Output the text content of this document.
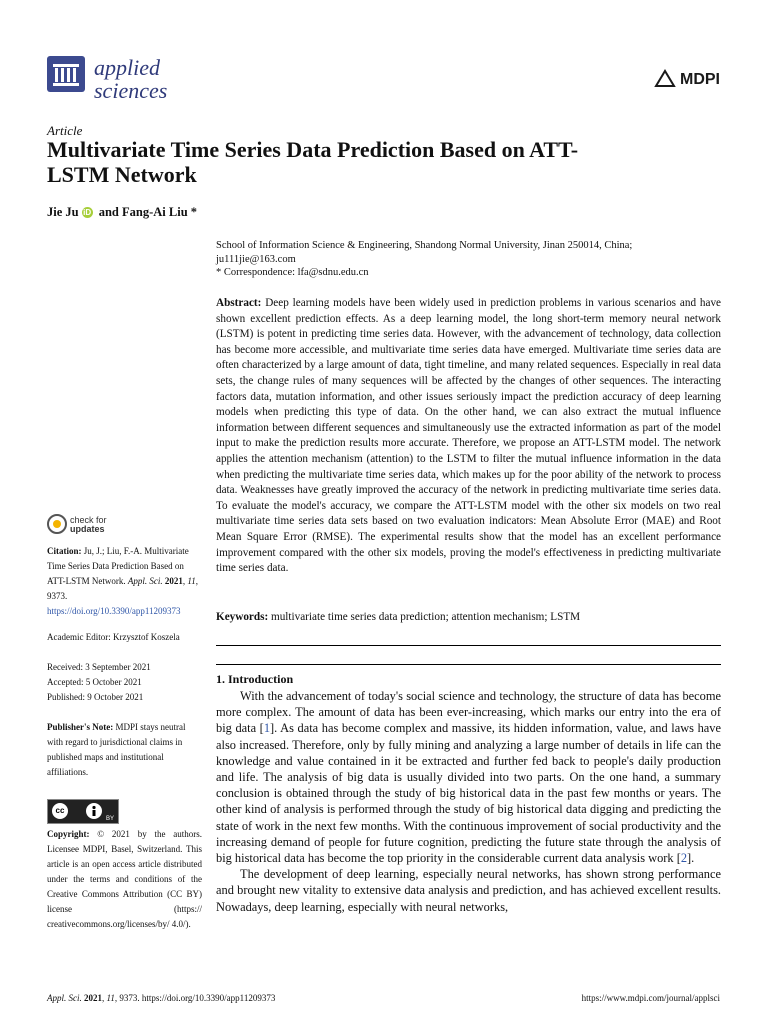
applied
sciences	MDPI
Article
Multivariate Time Series Data Prediction Based on ATT-LSTM Network
Jie Ju iD and Fang-Ai Liu *
School of Information Science & Engineering, Shandong Normal University, Jinan 250014, China;
ju111jie@163.com
* Correspondence: lfa@sdnu.edu.cn
Abstract: Deep learning models have been widely used in prediction problems in various scenarios and have shown excellent prediction effects. As a deep learning model, the long short-term memory neural network (LSTM) is potent in predicting time series data. However, with the advancement of technology, data collection has become more accessible, and multivariate time series data have emerged. Multivariate time series data are often characterized by a large amount of data, tight timeline, and many related sequences. Especially in real data sets, the change rules of many sequences will be affected by the changes of other sequences. The interacting factors data, mutation information, and other issues seriously impact the prediction accuracy of deep learning models when predicting this type of data. On the other hand, we can also extract the mutual influence information between different sequences and simultaneously use the extracted information as part of the model input to make the prediction results more accurate. Therefore, we propose an ATT-LSTM model. The network applies the attention mechanism (attention) to the LSTM to filter the mutual influence information in the data when predicting the multivariate time series data, which makes up for the poor ability of the network to process data. Weaknesses have greatly improved the accuracy of the network in predicting multivariate time series data. To evaluate the model's accuracy, we compare the ATT-LSTM model with the other six models on two real multivariate time series data sets based on two evaluation indicators: Mean Absolute Error (MAE) and Root Mean Square Error (RMSE). The experimental results show that the model has an excellent performance improvement compared with the other six models, proving the model's effectiveness in predicting multivariate time series data.
Keywords: multivariate time series data prediction; attention mechanism; LSTM
check for
updates
Citation: Ju, J.; Liu, F.-A. Multivariate Time Series Data Prediction Based on ATT-LSTM Network. Appl. Sci. 2021, 11, 9373. https://doi.org/10.3390/app11209373
Academic Editor: Krzysztof Koszela
Received: 3 September 2021
Accepted: 5 October 2021
Published: 9 October 2021
Publisher's Note: MDPI stays neutral with regard to jurisdictional claims in published maps and institutional affiliations.
cc
BY
Copyright: © 2021 by the authors. Licensee MDPI, Basel, Switzerland. This article is an open access article distributed under the terms and conditions of the Creative Commons Attribution (CC BY) license (https:// creativecommons.org/licenses/by/ 4.0/).
1. Introduction

With the advancement of today's social science and technology, the structure of data has become more complex. The amount of data has been ever-increasing, which marks our entry into the era of big data [1]. As data has become complex and massive, its hidden information, value, and laws have also increased. Therefore, only by fully mining and analyzing a large number of details in life can the knowledge and value contained in it be extracted and further fed back to people's daily production and life. The analysis of big data is usually divided into two parts. On the one hand, a summary conclusion is obtained through the study of big historical data in the past few months or years. The other kind of analysis is performed through the study of big historical data digging and predicting the state of work in the next few months. With the continuous improvement of social productivity and the increasing demand of people for future cognition, predicting the future state through the analysis of big historical data has become the top priority in the considerable current data analysis work [2].

The development of deep learning, especially neural networks, has shown strong performance and brought new vitality to extensive data analysis and prediction, and has achieved excellent results. Nowadays, deep learning, especially with neural networks,

Appl. Sci. 2021, 11, 9373. https://doi.org/10.3390/app11209373	https://www.mdpi.com/journal/applsci
